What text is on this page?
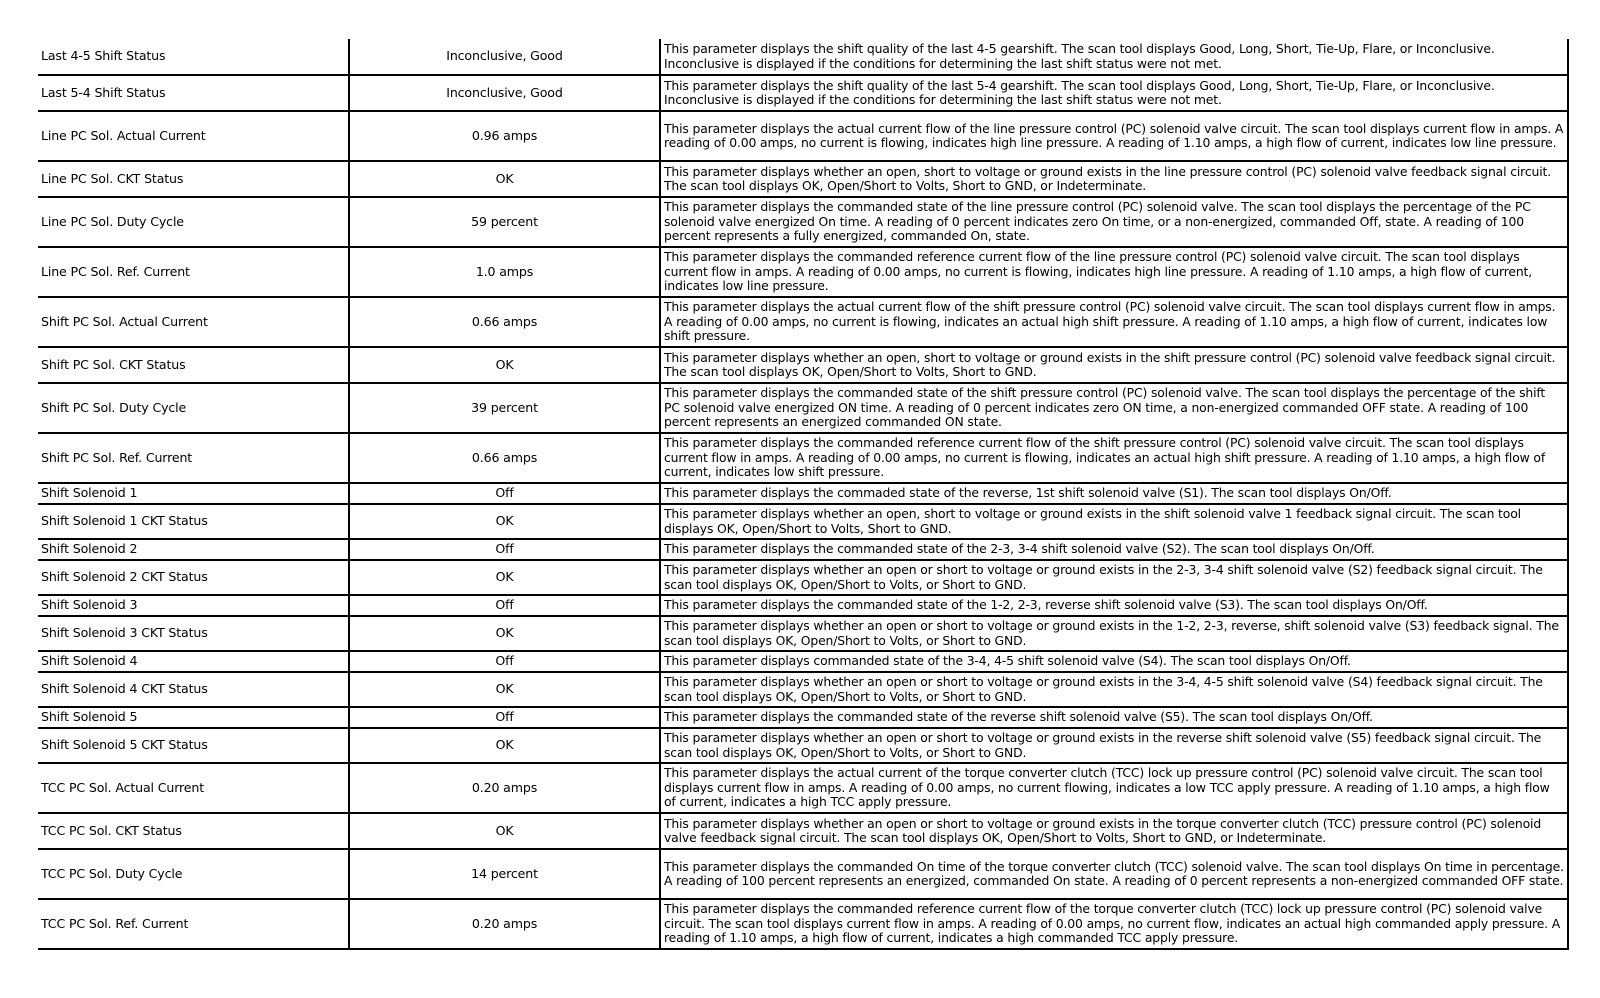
Last 4-5 Shift Status	Inconclusive, Good	This parameter displays the shift quality of the last 4-5 gearshift. The scan tool displays Good, Long, Short, Tie-Up, Flare, or Inconclusive. Inconclusive is displayed if the conditions for determining the last shift status were not met.
Last 5-4 Shift Status	Inconclusive, Good	This parameter displays the shift quality of the last 5-4 gearshift. The scan tool displays Good, Long, Short, Tie-Up, Flare, or Inconclusive. Inconclusive is displayed if the conditions for determining the last shift status were not met.
Line PC Sol. Actual Current	0.96 amps	This parameter displays the actual current flow of the line pressure control (PC) solenoid valve circuit. The scan tool displays current flow in amps. A reading of 0.00 amps, no current is flowing, indicates high line pressure. A reading of 1.10 amps, a high flow of current, indicates low line pressure.
Line PC Sol. CKT Status	OK	This parameter displays whether an open, short to voltage or ground exists in the line pressure control (PC) solenoid valve feedback signal circuit. The scan tool displays OK, Open/Short to Volts, Short to GND, or Indeterminate.
Line PC Sol. Duty Cycle	59 percent	This parameter displays the commanded state of the line pressure control (PC) solenoid valve. The scan tool displays the percentage of the PC solenoid valve energized On time. A reading of 0 percent indicates zero On time, or a non-energized, commanded Off, state. A reading of 100 percent represents a fully energized, commanded On, state.
Line PC Sol. Ref. Current	1.0 amps	This parameter displays the commanded reference current flow of the line pressure control (PC) solenoid valve circuit. The scan tool displays current flow in amps. A reading of 0.00 amps, no current is flowing, indicates high line pressure. A reading of 1.10 amps, a high flow of current, indicates low line pressure.
Shift PC Sol. Actual Current	0.66 amps	This parameter displays the actual current flow of the shift pressure control (PC) solenoid valve circuit. The scan tool displays current flow in amps. A reading of 0.00 amps, no current is flowing, indicates an actual high shift pressure. A reading of 1.10 amps, a high flow of current, indicates low shift pressure.
Shift PC Sol. CKT Status	OK	This parameter displays whether an open, short to voltage or ground exists in the shift pressure control (PC) solenoid valve feedback signal circuit. The scan tool displays OK, Open/Short to Volts, Short to GND.
Shift PC Sol. Duty Cycle	39 percent	This parameter displays the commanded state of the shift pressure control (PC) solenoid valve. The scan tool displays the percentage of the shift PC solenoid valve energized ON time. A reading of 0 percent indicates zero ON time, a non-energized commanded OFF state. A reading of 100 percent represents an energized commanded ON state.
Shift PC Sol. Ref. Current	0.66 amps	This parameter displays the commanded reference current flow of the shift pressure control (PC) solenoid valve circuit. The scan tool displays current flow in amps. A reading of 0.00 amps, no current is flowing, indicates an actual high shift pressure. A reading of 1.10 amps, a high flow of current, indicates low shift pressure.
Shift Solenoid 1	Off	This parameter displays the commaded state of the reverse, 1st shift solenoid valve (S1). The scan tool displays On/Off.
Shift Solenoid 1 CKT Status	OK	This parameter displays whether an open, short to voltage or ground exists in the shift solenoid valve 1 feedback signal circuit. The scan tool displays OK, Open/Short to Volts, Short to GND.
Shift Solenoid 2	Off	This parameter displays the commanded state of the 2-3, 3-4 shift solenoid valve (S2). The scan tool displays On/Off.
Shift Solenoid 2 CKT Status	OK	This parameter displays whether an open or short to voltage or ground exists in the 2-3, 3-4 shift solenoid valve (S2) feedback signal circuit. The scan tool displays OK, Open/Short to Volts, or Short to GND.
Shift Solenoid 3	Off	This parameter displays the commanded state of the 1-2, 2-3, reverse shift solenoid valve (S3). The scan tool displays On/Off.
Shift Solenoid 3 CKT Status	OK	This parameter displays whether an open or short to voltage or ground exists in the 1-2, 2-3, reverse, shift solenoid valve (S3) feedback signal. The scan tool displays OK, Open/Short to Volts, or Short to GND.
Shift Solenoid 4	Off	This parameter displays commanded state of the 3-4, 4-5 shift solenoid valve (S4). The scan tool displays On/Off.
Shift Solenoid 4 CKT Status	OK	This parameter displays whether an open or short to voltage or ground exists in the 3-4, 4-5 shift solenoid valve (S4) feedback signal circuit. The scan tool displays OK, Open/Short to Volts, or Short to GND.
Shift Solenoid 5	Off	This parameter displays the commanded state of the reverse shift solenoid valve (S5). The scan tool displays On/Off.
Shift Solenoid 5 CKT Status	OK	This parameter displays whether an open or short to voltage or ground exists in the reverse shift solenoid valve (S5) feedback signal circuit. The scan tool displays OK, Open/Short to Volts, or Short to GND.
TCC PC Sol. Actual Current	0.20 amps	This parameter displays the actual current of the torque converter clutch (TCC) lock up pressure control (PC) solenoid valve circuit. The scan tool displays current flow in amps. A reading of 0.00 amps, no current flowing, indicates a low TCC apply pressure. A reading of 1.10 amps, a high flow of current, indicates a high TCC apply pressure.
TCC PC Sol. CKT Status	OK	This parameter displays whether an open or short to voltage or ground exists in the torque converter clutch (TCC) pressure control (PC) solenoid valve feedback signal circuit. The scan tool displays OK, Open/Short to Volts, Short to GND, or Indeterminate.
TCC PC Sol. Duty Cycle	14 percent	This parameter displays the commanded On time of the torque converter clutch (TCC) solenoid valve. The scan tool displays On time in percentage. A reading of 100 percent represents an energized, commanded On state. A reading of 0 percent represents a non-energized commanded OFF state.
TCC PC Sol. Ref. Current	0.20 amps	This parameter displays the commanded reference current flow of the torque converter clutch (TCC) lock up pressure control (PC) solenoid valve circuit. The scan tool displays current flow in amps. A reading of 0.00 amps, no current flow, indicates an actual high commanded apply pressure. A reading of 1.10 amps, a high flow of current, indicates a high commanded TCC apply pressure.
